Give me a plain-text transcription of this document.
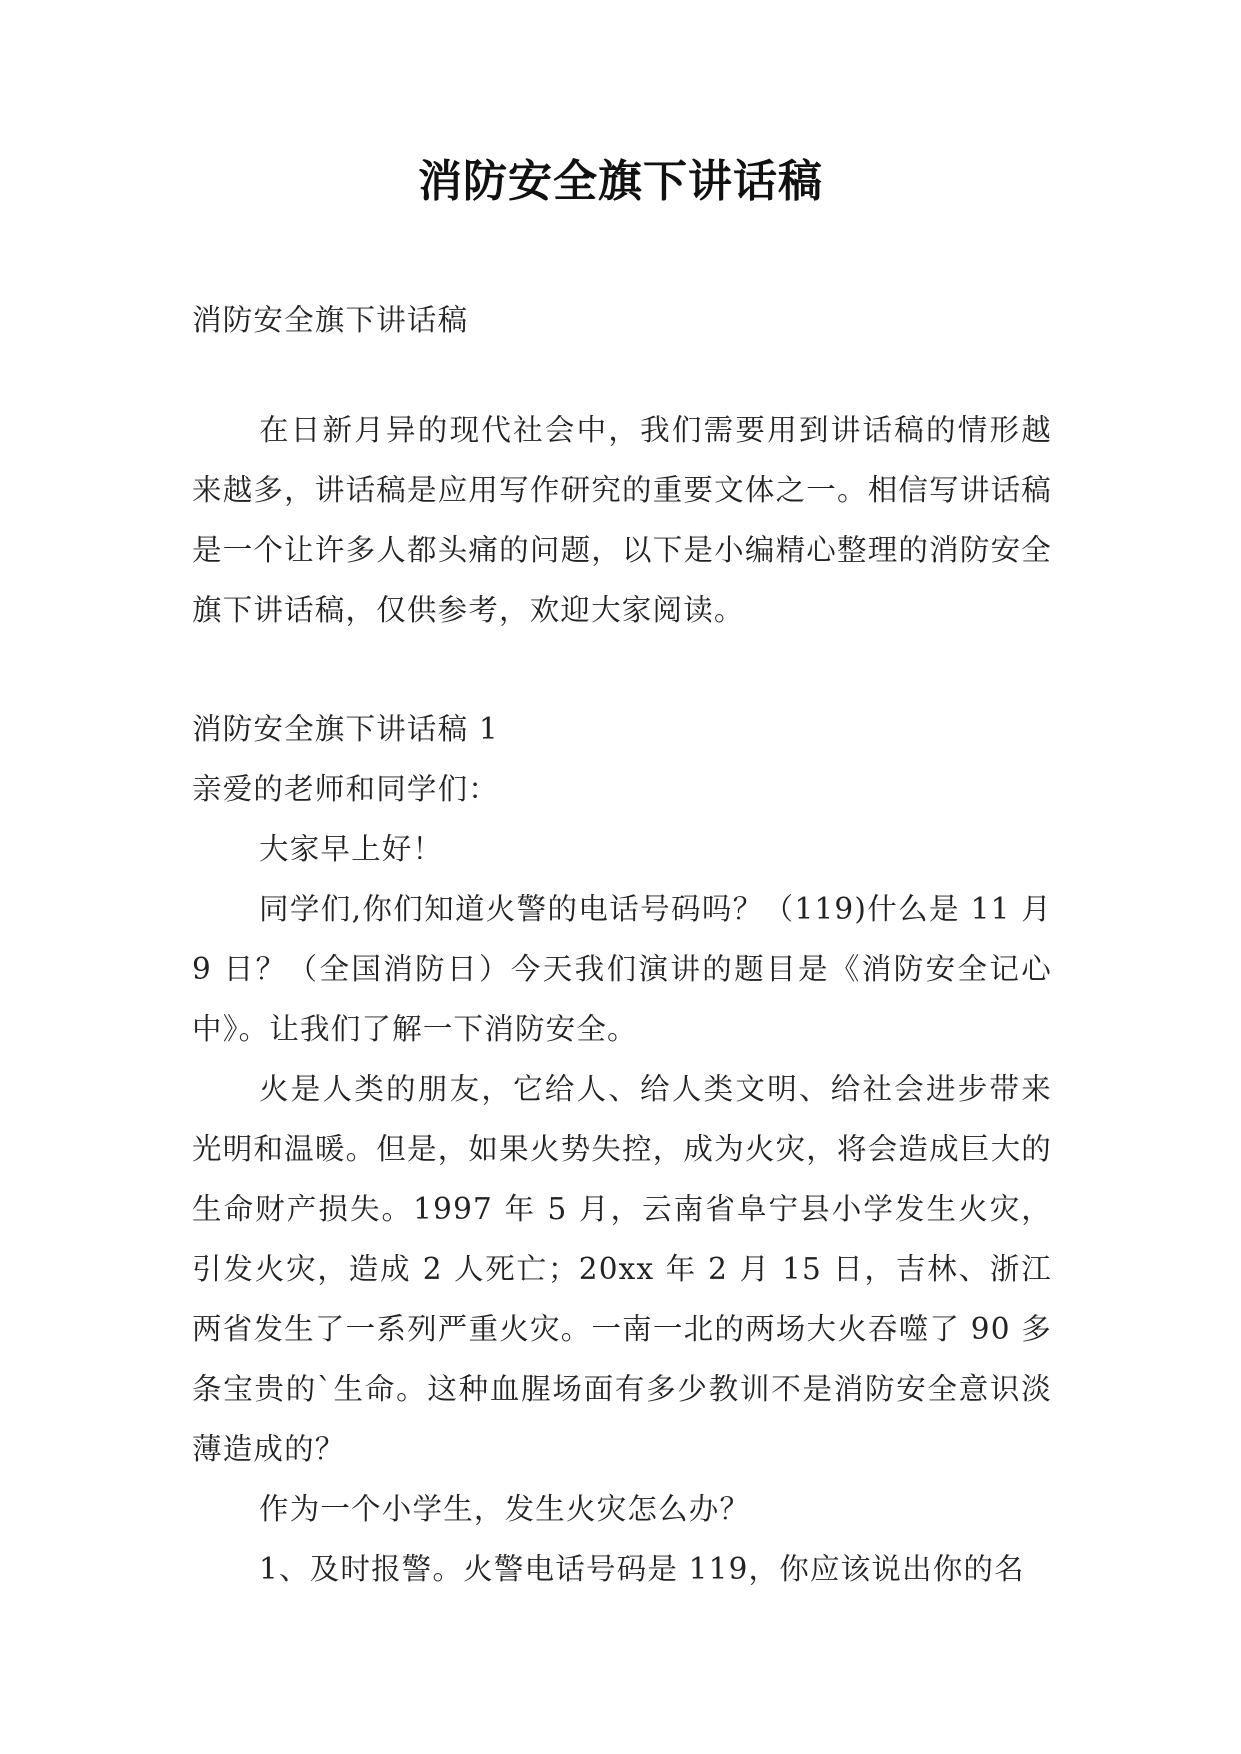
消防安全旗下讲话稿

消防安全旗下讲话稿

在日新月异的现代社会中，我们需要用到讲话稿的情形越来越多，讲话稿是应用写作研究的重要文体之一。相信写讲话稿是一个让许多人都头痛的问题，以下是小编精心整理的消防安全旗下讲话稿，仅供参考，欢迎大家阅读。

消防安全旗下讲话稿 1

亲爱的老师和同学们：

大家早上好！

同学们,你们知道火警的电话号码吗？（119)什么是 11 月 9 日？（全国消防日）今天我们演讲的题目是《消防安全记心中》。让我们了解一下消防安全。

火是人类的朋友，它给人、给人类文明、给社会进步带来光明和温暖。但是，如果火势失控，成为火灾，将会造成巨大的生命财产损失。1997 年 5 月，云南省阜宁县小学发生火灾，引发火灾，造成 2 人死亡；20xx 年 2 月 15 日，吉林、浙江两省发生了一系列严重火灾。一南一北的两场大火吞噬了 90 多条宝贵的`生命。这种血腥场面有多少教训不是消防安全意识淡薄造成的？

作为一个小学生，发生火灾怎么办？

1、及时报警。火警电话号码是 119，你应该说出你的名
